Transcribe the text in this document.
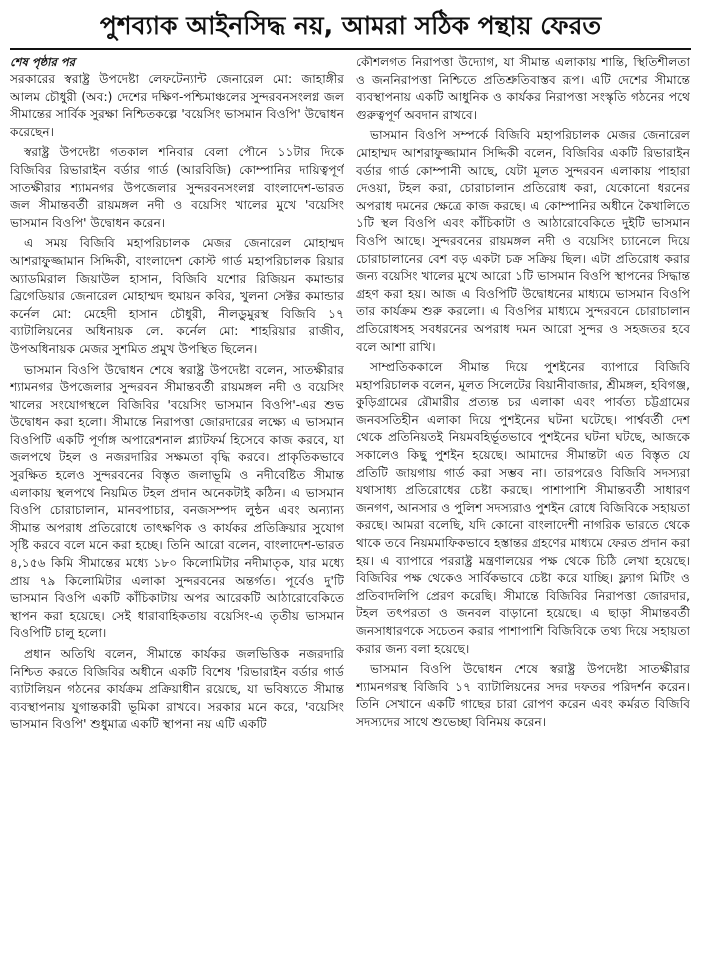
পুশব্যাক আইনসিদ্ধ নয়, আমরা সঠিক পন্থায় ফেরত
শেষ পৃষ্ঠার পর

সরকারের স্বরাষ্ট্র উপদেষ্টা লেফটেন্যান্ট জেনারেল মো: জাহাঙ্গীর আলম চৌধুরী (অব:) দেশের দক্ষিণ-পশ্চিমাঞ্চলের সুন্দরবনসংলগ্ন জল সীমান্তের সার্বিক সুরক্ষা নিশ্চিতকল্পে 'বয়েসিং ভাসমান বিওপি' উদ্বোধন করেছেন।

স্বরাষ্ট্র উপদেষ্টা গতকাল শনিবার বেলা পৌনে ১১টার দিকে বিজিবির রিভারাইন বর্ডার গার্ড (আরবিজি) কোম্পানির দায়িত্বপূর্ণ সাতক্ষীরার শ্যামনগর উপজেলার সুন্দরবনসংলগ্ন বাংলাদেশ-ভারত জল সীমান্তবর্তী রায়মঙ্গল নদী ও বয়েসিং খালের মুখে 'বয়েসিং ভাসমান বিওপি' উদ্বোধন করেন।

এ সময় বিজিবি মহাপরিচালক মেজর জেনারেল মোহাম্মদ আশরাফুজ্জামান সিদ্দিকী, বাংলাদেশ কোস্ট গার্ড মহাপরিচালক রিয়ার অ্যাডমিরাল জিয়াউল হাসান, বিজিবি যশোর রিজিয়ন কমান্ডার ব্রিগেডিয়ার জেনারেল মোহাম্মদ হুমায়ন কবির, খুলনা সেক্টর কমান্ডার কর্নেল মো: মেহেদী হাসান চৌধুরী, নীলডুমুরস্থ বিজিবি ১৭ ব্যাটালিয়নের অধিনায়ক লে. কর্নেল মো: শাহরিয়ার রাজীব, উপঅধিনায়ক মেজর সুশমিত প্রমুখ উপস্থিত ছিলেন।

ভাসমান বিওপি উদ্বোধন শেষে স্বরাষ্ট্র উপদেষ্টা বলেন, সাতক্ষীরার শ্যামনগর উপজেলার সুন্দরবন সীমান্তবর্তী রায়মঙ্গল নদী ও বয়েসিং খালের সংযোগস্থলে বিজিবির 'বয়েসিং ভাসমান বিওপি'-এর শুভ উদ্বোধন করা হলো। সীমান্তে নিরাপত্তা জোরদারের লক্ষ্যে এ ভাসমান বিওপিটি একটি পূর্ণাঙ্গ অপারেশনাল প্ল্যাটফর্ম হিসেবে কাজ করবে, যা জলপথে টহল ও নজরদারির সক্ষমতা বৃদ্ধি করবে। প্রাকৃতিকভাবে সুরক্ষিত হলেও সুন্দরবনের বিস্তৃত জলাভূমি ও নদীবেষ্টিত সীমান্ত এলাকায় স্থলপথে নিয়মিত টহল প্রদান অনেকটাই কঠিন। এ ভাসমান বিওপি চোরাচালান, মানবপাচার, বনজসম্পদ লুন্ঠন এবং অন্যান্য সীমান্ত অপরাধ প্রতিরোধে তাৎক্ষণিক ও কার্যকর প্রতিক্রিয়ার সুযোগ সৃষ্টি করবে বলে মনে করা হচ্ছে। তিনি আরো বলেন, বাংলাদেশ-ভারত ৪,১৫৬ কিমি সীমান্তের মধ্যে ১৮০ কিলোমিটার নদীমাতৃক, যার মধ্যে প্রায় ৭৯ কিলোমিটার এলাকা সুন্দরবনের অন্তর্গত। পূর্বেও দু'টি ভাসমান বিওপি একটি কাঁচিকাটায় অপর আরেকটি আঠারোবেকিতে স্থাপন করা হয়েছে। সেই ধারাবাহিকতায় বয়েসিং-এ তৃতীয় ভাসমান বিওপিটি চালু হলো।

প্রধান অতিথি বলেন, সীমান্তে কার্যকর জলভিত্তিক নজরদারি নিশ্চিত করতে বিজিবির অধীনে একটি বিশেষ 'রিভারাইন বর্ডার গার্ড ব্যাটালিয়ন গঠনের কার্যক্রম প্রক্রিয়াধীন রয়েছে, যা ভবিষ্যতে সীমান্ত ব্যবস্থাপনায় যুগান্তকারী ভূমিকা রাখবে। সরকার মনে করে, 'বয়েসিং ভাসমান বিওপি' শুধুমাত্র একটি স্থাপনা নয় এটি একটি

কৌশলগত নিরাপত্তা উদ্যোগ, যা সীমান্ত এলাকায় শান্তি, স্থিতিশীলতা ও জননিরাপত্তা নিশ্চিতে প্রতিশ্রুতিবাস্তব রূপ। এটি দেশের সীমান্তে ব্যবস্থাপনায় একটি আধুনিক ও কার্যকর নিরাপত্তা সংস্কৃতি গঠনের পথে গুরুত্বপূর্ণ অবদান রাখবে।

ভাসমান বিওপি সম্পর্কে বিজিবি মহাপরিচালক মেজর জেনারেল মোহাম্মদ আশরাফুজ্জামান সিদ্দিকী বলেন, বিজিবির একটি রিভারাইন বর্ডার গার্ড কোম্পানী আছে, যেটা মূলত সুন্দরবন এলাকায় পাহারা দেওয়া, টহল করা, চোরাচালান প্রতিরোধ করা, যেকোনো ধরনের অপরাধ দমনের ক্ষেত্রে কাজ করছে। এ কোম্পানির অধীনে কৈখালিতে ১টি স্থল বিওপি এবং কাঁচিকাটা ও আঠারোবেকিতে দুইটি ভাসমান বিওপি আছে। সুন্দরবনের রায়মঙ্গল নদী ও বয়েসিং চ্যানেলে দিয়ে চোরাচালানের বেশ বড় একটা চক্র সক্রিয় ছিল। এটা প্রতিরোধ করার জন্য বয়েসিং খালের মুখে আরো ১টি ভাসমান বিওপি স্থাপনের সিদ্ধান্ত গ্রহণ করা হয়। আজ এ বিওপিটি উদ্বোধনের মাধ্যমে ভাসমান বিওপি তার কার্যক্রম শুরু করলো। এ বিওপির মাধ্যমে সুন্দরবনে চোরাচালান প্রতিরোধসহ সবধরনের অপরাধ দমন আরো সুন্দর ও সহজতর হবে বলে আশা রাখি।

সাম্প্রতিককালে সীমান্ত দিয়ে পুশইনের ব্যাপারে বিজিবি মহাপরিচালক বলেন, মূলত সিলেটের বিয়ানীবাজার, শ্রীমঙ্গল, হবিগঞ্জ, কুড়িগ্রামের রৌমারীর প্রত্যন্ত চর এলাকা এবং পার্বত্য চট্টগ্রামের জনবসতিহীন এলাকা দিয়ে পুশইনের ঘটনা ঘটেছে। পার্শ্ববর্তী দেশ থেকে প্রতিনিয়তই নিয়মবহির্ভূতভাবে পুশইনের ঘটনা ঘটছে, আজকে সকালেও কিছু পুশইন হয়েছে। আমাদের সীমান্তটা এত বিস্তৃত যে প্রতিটি জায়গায় গার্ড করা সম্ভব না। তারপরেও বিজিবি সদস্যরা যথাসাধ্য প্রতিরোধের চেষ্টা করছে। পাশাপাশি সীমান্তবর্তী সাধারণ জনগণ, আনসার ও পুলিশ সদস্যরাও পুশইন রোধে বিজিবিকে সহায়তা করছে। আমরা বলেছি, যদি কোনো বাংলাদেশী নাগরিক ভারতে থেকে থাকে তবে নিয়মমাফিকভাবে হস্তান্তর গ্রহণের মাধ্যমে ফেরত প্রদান করা হয়। এ ব্যাপারে পররাষ্ট্র মন্ত্রণালয়ের পক্ষ থেকে চিঠি লেখা হয়েছে। বিজিবির পক্ষ থেকেও সার্বিকভাবে চেষ্টা করে যাচ্ছি। ফ্ল্যাগ মিটিং ও প্রতিবাদলিপি প্রেরণ করেছি। সীমান্তে বিজিবির নিরাপত্তা জোরদার, টহল তৎপরতা ও জনবল বাড়ানো হয়েছে। এ ছাড়া সীমান্তবর্তী জনসাধারণকে সচেতন করার পাশাপাশি বিজিবিকে তথ্য দিয়ে সহায়তা করার জন্য বলা হয়েছে।

ভাসমান বিওপি উদ্বোধন শেষে স্বরাষ্ট্র উপদেষ্টা সাতক্ষীরার শ্যামনগরস্থ বিজিবি ১৭ ব্যাটালিয়নের সদর দফতর পরিদর্শন করেন। তিনি সেখানে একটি গাছের চারা রোপণ করেন এবং কর্মরত বিজিবি সদস্যদের সাথে শুভেচ্ছা বিনিময় করেন।
